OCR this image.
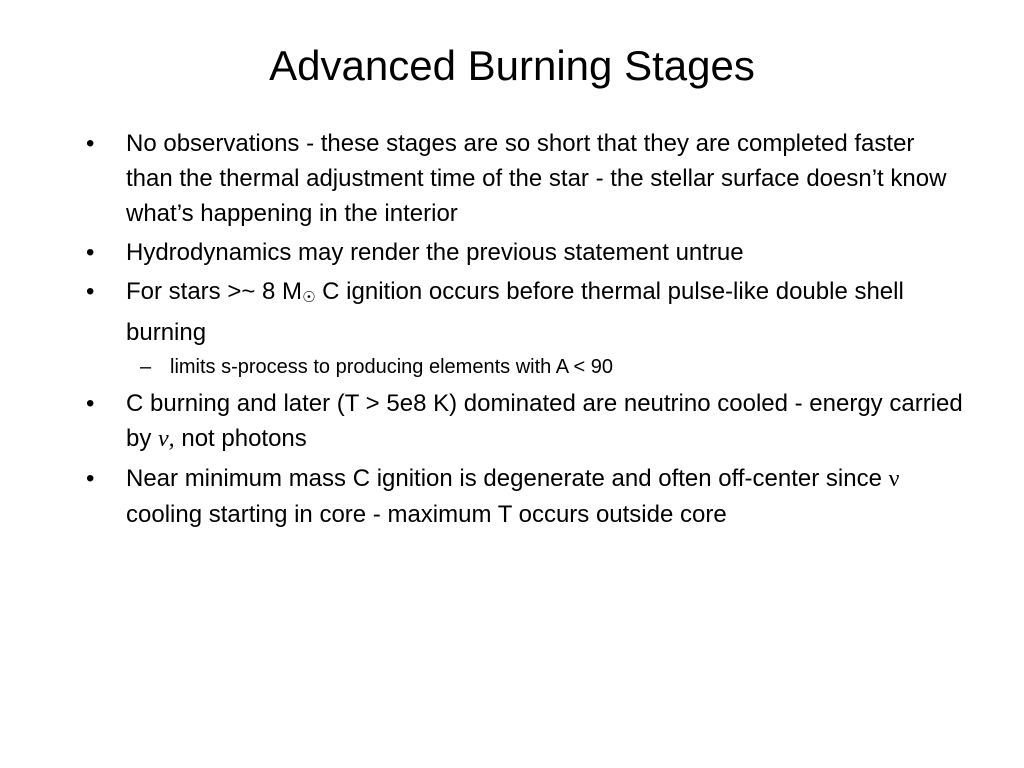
Advanced Burning Stages
•	No observations - these stages are so short that they are completed faster than the thermal adjustment time of the star - the stellar surface doesn’t know what’s happening in the interior
•	Hydrodynamics may render the previous statement untrue
•	For stars >~ 8 $M_☉$ C ignition occurs before thermal pulse-like double shell burning
– limits s-process to producing elements with A < 90
•	C burning and later (T > 5e8 K) dominated are neutrino cooled - energy carried by ν, not photons
•	Near minimum mass C ignition is degenerate and often off-center since ν cooling starting in core - maximum T occurs outside core
